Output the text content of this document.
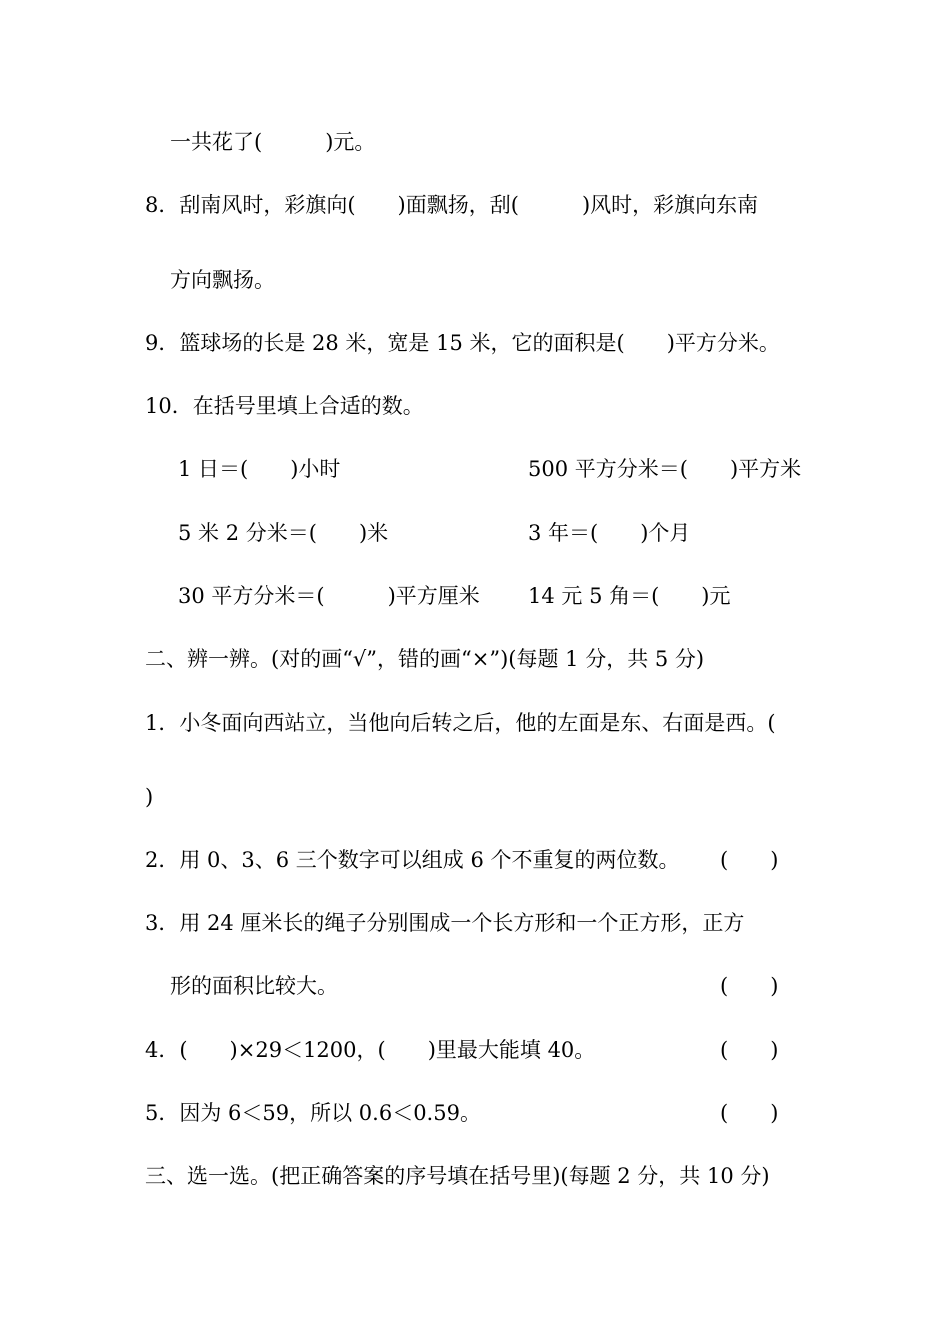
一共花了(　　　)元。
8．刮南风时，彩旗向(　　)面飘扬，刮(　　　)风时，彩旗向东南
方向飘扬。
9．篮球场的长是 28 米，宽是 15 米，它的面积是(　　)平方分米。
10．在括号里填上合适的数。
1 日＝(　　)小时	500 平方分米＝(　　)平方米
5 米 2 分米＝(　　)米	3 年＝(　　)个月
30 平方分米＝(　　　)平方厘米 14 元 5 角＝(　　)元
二、辨一辨。(对的画“√”，错的画“×”)(每题 1 分，共 5 分)
1．小冬面向西站立，当他向后转之后，他的左面是东、右面是西。(
)
2．用 0、3、6 三个数字可以组成 6 个不重复的两位数。 (　　)
3．用 24 厘米长的绳子分别围成一个长方形和一个正方形，正方
形的面积比较大。	(　　)
4．(　　)×29＜1200，(　　)里最大能填 40。	(　　)
5．因为 6＜59，所以 0.6＜0.59。	(　　)
三、选一选。(把正确答案的序号填在括号里)(每题 2 分，共 10 分)
